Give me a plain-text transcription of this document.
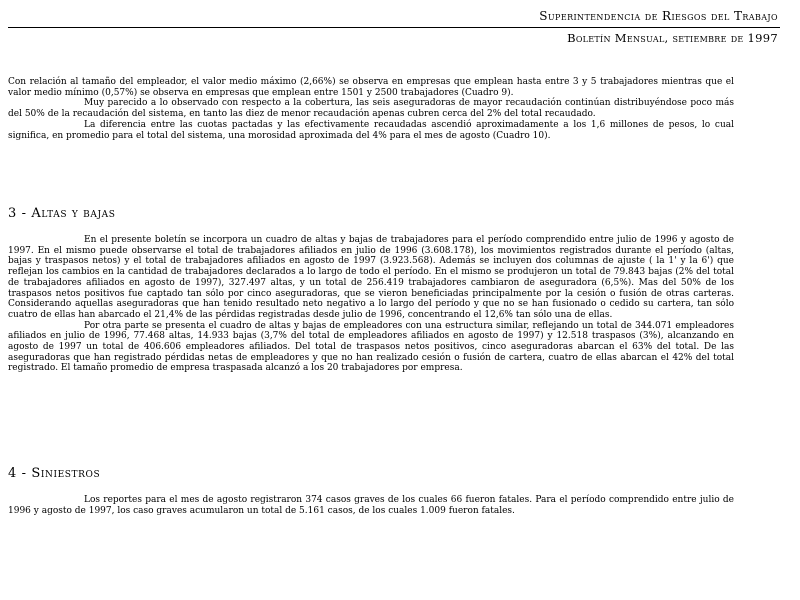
Superintendencia de Riesgos del Trabajo
Boletín Mensual, setiembre de 1997

Con relación al tamaño del empleador, el valor medio máximo (2,66%) se observa en empresas que emplean hasta entre 3 y 5 trabajadores mientras que el valor medio mínimo (0,57%) se observa en empresas que emplean entre 1501 y 2500 trabajadores (Cuadro 9).

Muy parecido a lo observado con respecto a la cobertura, las seis aseguradoras de mayor recaudación continúan distribuyéndose poco más del 50% de la recaudación del sistema, en tanto las diez de menor recaudación apenas cubren cerca del 2% del total recaudado.

La diferencia entre las cuotas pactadas y las efectivamente recaudadas ascendió aproximadamente a los 1,6 millones de pesos, lo cual significa, en promedio para el total del sistema, una morosidad aproximada del 4% para el mes de agosto (Cuadro 10).

3 - Altas y bajas

En el presente boletín se incorpora un cuadro de altas y bajas de trabajadores para el período comprendido entre julio de 1996 y agosto de 1997. En el mismo puede observarse el total de trabajadores afiliados en julio de 1996 (3.608.178), los movimientos registrados durante el período (altas, bajas y traspasos netos) y el total de trabajadores afiliados en agosto de 1997 (3.923.568). Además se incluyen dos columnas de ajuste ( la 1' y la 6') que reflejan los cambios en la cantidad de trabajadores declarados a lo largo de todo el período. En el mismo se produjeron un total de 79.843 bajas (2% del total de trabajadores afiliados en agosto de 1997), 327.497 altas, y un total de 256.419 trabajadores cambiaron de aseguradora (6,5%). Mas del 50% de los traspasos netos positivos fue captado tan sólo por cinco aseguradoras, que se vieron beneficiadas principalmente por la cesión o fusión de otras carteras. Considerando aquellas aseguradoras que han tenido resultado neto negativo a lo largo del período y que no se han fusionado o cedido su cartera, tan sólo cuatro de ellas han abarcado el 21,4% de las pérdidas registradas desde julio de 1996, concentrando el 12,6% tan sólo una de ellas.

Por otra parte se presenta el cuadro de altas y bajas de empleadores con una estructura similar, reflejando un total de 344.071 empleadores afiliados en julio de 1996, 77.468 altas, 14.933 bajas (3,7% del total de empleadores afiliados en agosto de 1997) y 12.518 traspasos (3%), alcanzando en agosto de 1997 un total de 406.606 empleadores afiliados. Del total de traspasos netos positivos, cinco aseguradoras abarcan el 63% del total. De las aseguradoras que han registrado pérdidas netas de empleadores y que no han realizado cesión o fusión de cartera, cuatro de ellas abarcan el 42% del total registrado. El tamaño promedio de empresa traspasada alcanzó a los 20 trabajadores por empresa.

4 - Siniestros

Los reportes para el mes de agosto registraron 374 casos graves de los cuales 66 fueron fatales. Para el período comprendido entre julio de 1996 y agosto de 1997, los caso graves acumularon un total de 5.161 casos, de los cuales 1.009 fueron fatales.
